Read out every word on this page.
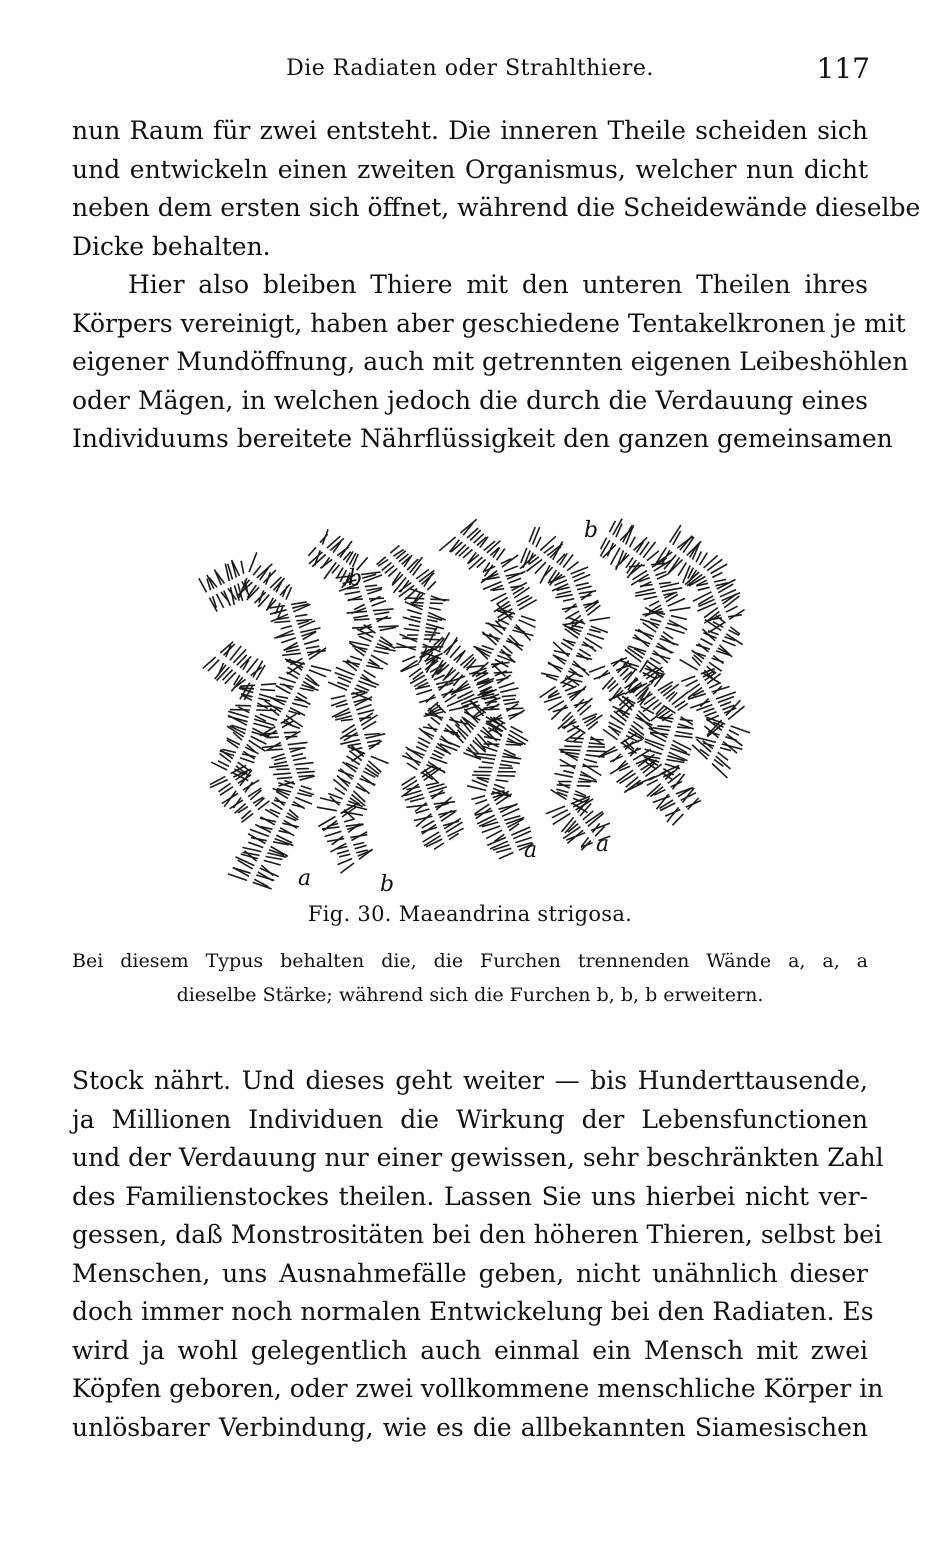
Die Radiaten oder Strahlthiere.	117
nun Raum für zwei entsteht. Die inneren Theile scheiden sich
und entwickeln einen zweiten Organismus, welcher nun dicht
neben dem ersten sich öffnet, während die Scheidewände dieselbe
Dicke behalten.
Hier also bleiben Thiere mit den unteren Theilen ihres
Körpers vereinigt, haben aber geschiedene Tentakelkronen je mit
eigener Mundöffnung, auch mit getrennten eigenen Leibeshöhlen
oder Mägen, in welchen jedoch die durch die Verdauung eines
Individuums bereitete Nährflüssigkeit den ganzen gemeinsamen
b
b
a	b
a	a
Fig. 30. Maeandrina strigosa.
Bei diesem Typus behalten die, die Furchen trennenden Wände a, a, a
dieselbe Stärke; während sich die Furchen b, b, b erweitern.
Stock nährt. Und dieses geht weiter — bis Hunderttausende,
ja Millionen Individuen die Wirkung der Lebensfunctionen
und der Verdauung nur einer gewissen, sehr beschränkten Zahl
des Familienstockes theilen. Lassen Sie uns hierbei nicht ver-
gessen, daß Monstrositäten bei den höheren Thieren, selbst bei
Menschen, uns Ausnahmefälle geben, nicht unähnlich dieser
doch immer noch normalen Entwickelung bei den Radiaten. Es
wird ja wohl gelegentlich auch einmal ein Mensch mit zwei
Köpfen geboren, oder zwei vollkommene menschliche Körper in
unlösbarer Verbindung, wie es die allbekannten Siamesischen
